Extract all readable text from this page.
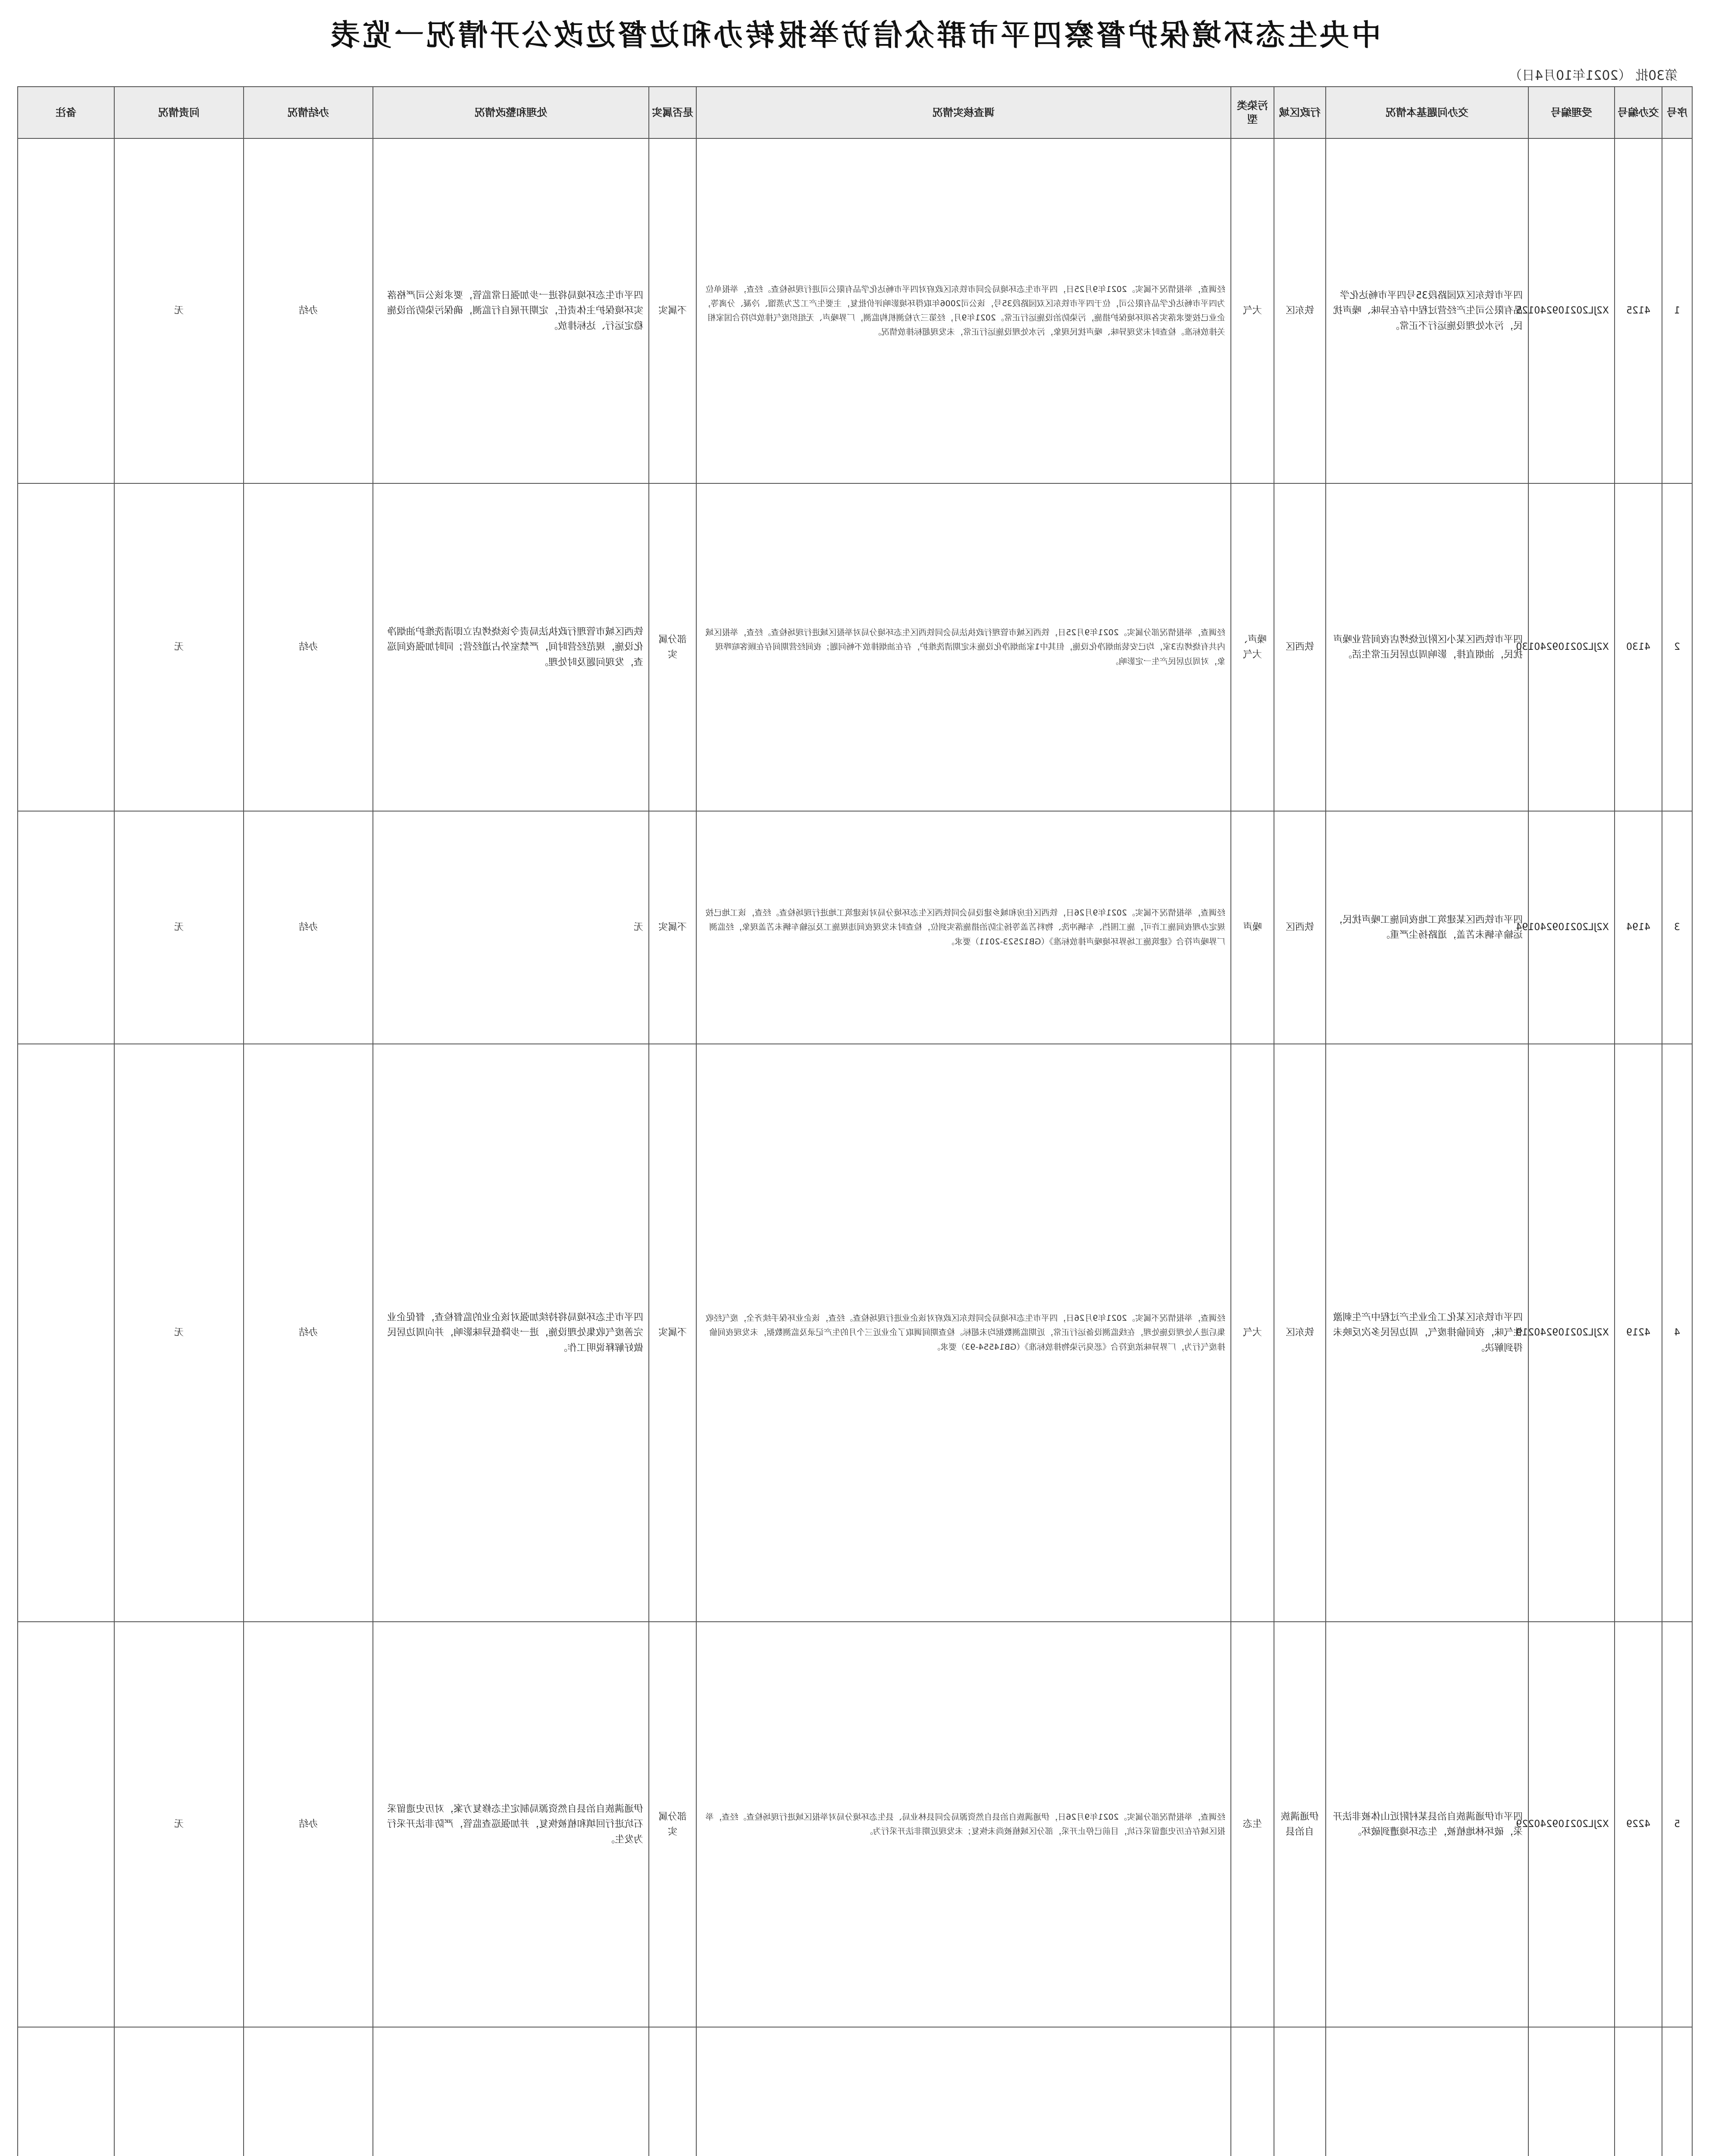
中央生态环境保护督察四平市群众信访举报转办和边督边改公开情况一览表
第30批 （2021年10月4日）
序号	交办编号	受理编号	交办问题基本情况	行政区域	污染类型	调查核实情况	是否属实	处理和整改情况	办结情况	问责情况	备注
1	4125	X2JL202109240125	四平市铁东区双园路段35号四平市畅达化学品有限公司生产经营过程中存在异味、噪声扰民，污水处理设施运行不正常。	铁东区	大气	经调查，举报情况不属实。2021年9月25日，四平市生态环境局会同市铁东区政府对四平市畅达化学品有限公司进行现场检查。经查，举报单位为四平市畅达化学品有限公司，位于四平市铁东区双园路段35号，该公司2006年取得环境影响评价批复，主要生产工艺为蒸馏、冷凝、分离等，企业已按要求落实各项环境保护措施，污染防治设施运行正常。2021年9月，经第三方检测机构监测，厂界噪声、无组织废气排放均符合国家相关排放标准。检查时未发现异味、噪声扰民现象，污水处理设施运行正常，未发现超标排放情况。	不属实	四平市生态环境局将进一步加强日常监管，要求该公司严格落实环境保护主体责任，定期开展自行监测，确保污染防治设施稳定运行、达标排放。	办结	无	
2	4130	X2JL202109240130	四平市铁西区某小区附近烧烤店夜间营业噪声扰民，油烟直排，影响周边居民正常生活。	铁西区	噪声、大气	经调查，举报情况部分属实。2021年9月25日，铁西区城市管理行政执法局会同铁西区生态环境分局对举报区域进行现场检查。经查，举报区域内共有烧烤店3家，均已安装油烟净化设施，但其中1家油烟净化设施未定期清洗维护，存在油烟排放不畅问题；夜间经营期间存在顾客喧哗现象，对周边居民产生一定影响。	部分属实	铁西区城市管理行政执法局责令该烧烤店立即清洗维护油烟净化设施，规范经营时间，严禁室外占道经营；同时加强夜间巡查，发现问题及时处理。	办结	无	
3	4194	X2JL202109240194	四平市铁西区某建筑工地夜间施工噪声扰民，运输车辆未苫盖，道路扬尘严重。	铁西区	噪声	经调查，举报情况不属实。2021年9月26日，铁西区住房和城乡建设局会同铁西区生态环境分局对该建筑工地进行现场检查。经查，该工地已按规定办理夜间施工许可，施工围挡、车辆冲洗、物料苫盖等扬尘防治措施落实到位，检查时未发现夜间违规施工及运输车辆未苫盖现象，经监测厂界噪声符合《建筑施工场界环境噪声排放标准》（GB12523-2011）要求。	不属实	无	办结	无	
4	4219	X2JL202109240219	四平市铁东区某化工企业生产过程中产生刺激性气味，夜间偷排废气，周边居民多次反映未得到解决。	铁东区	大气	经调查，举报情况不属实。2021年9月26日，四平市生态环境局会同铁东区政府对该企业进行现场检查。经查，该企业环保手续齐全，废气经收集后进入处理设施处理，在线监测设备运行正常，近期监测数据均未超标。检查期间调取了企业近三个月的生产记录及监测数据，未发现夜间偷排废气行为，厂界异味浓度符合《恶臭污染物排放标准》（GB14554-93）要求。	不属实	四平市生态环境局将持续加强对该企业的监督检查，督促企业完善废气收集处理设施，进一步降低异味影响，并向周边居民做好解释说明工作。	办结	无	
5	4229	X2JL202109240229	四平市伊通满族自治县某村附近山体被非法开采，破坏林地植被，生态环境遭到破坏。	伊通满族自治县	生态	经调查，举报情况部分属实。2021年9月26日，伊通满族自治县自然资源局会同县林业局、县生态环境分局对举报区域进行现场检查。经查，举报区域存在历史遗留采石坑，目前已停止开采，部分区域植被尚未恢复；未发现近期非法开采行为。	部分属实	伊通满族自治县自然资源局制定生态修复方案，对历史遗留采石坑进行回填和植被恢复，并加强巡查监管，严防非法开采行为发生。	办结	无	
